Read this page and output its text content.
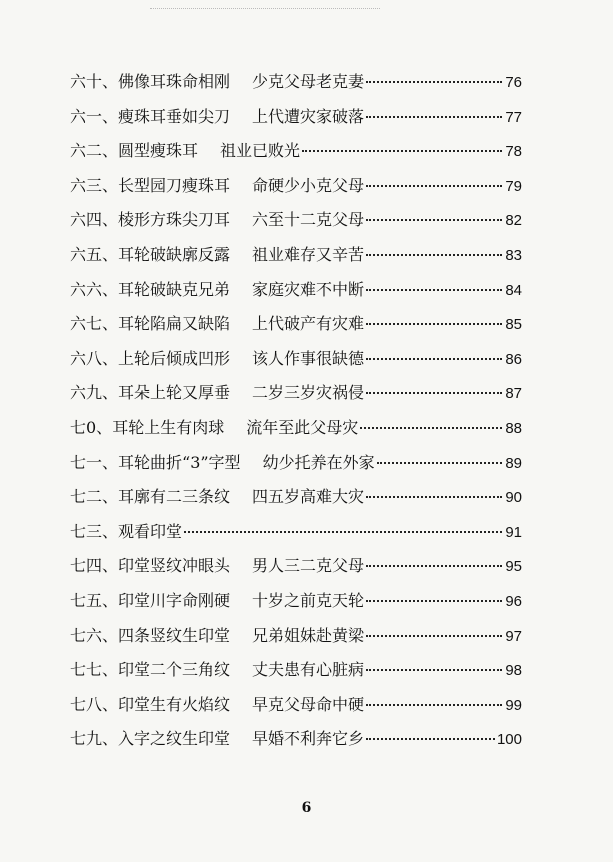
六十、 佛像耳珠命相刚 少克父母老克妻	76
六一、 瘦珠耳垂如尖刀 上代遭灾家破落	77
六二、 圆型瘦珠耳 祖业已败光	78
六三、 长型园刀瘦珠耳 命硬少小克父母	79
六四、 棱形方珠尖刀耳 六至十二克父母	82
六五、 耳轮破缺廓反露 祖业难存又辛苦	83
六六、 耳轮破缺克兄弟 家庭灾难不中断	84
六七、 耳轮陷扁又缺陷 上代破产有灾难	85
六八、 上轮后倾成凹形 该人作事很缺德	86
六九、 耳朵上轮又厚垂 二岁三岁灾祸侵	87
七0、 耳轮上生有肉球 流年至此父母灾	88
七一、 耳轮曲折“3”字型 幼少托养在外家	89
七二、 耳廓有二三条纹 四五岁高难大灾	90
七三、 观看印堂	91
七四、 印堂竖纹冲眼头 男人三二克父母	95
七五、 印堂川字命刚硬 十岁之前克天轮	96
七六、 四条竖纹生印堂 兄弟姐妹赴黄梁	97
七七、 印堂二个三角纹 丈夫患有心脏病	98
七八、 印堂生有火焰纹 早克父母命中硬	99
七九、 入字之纹生印堂 早婚不利奔它乡	100
6
